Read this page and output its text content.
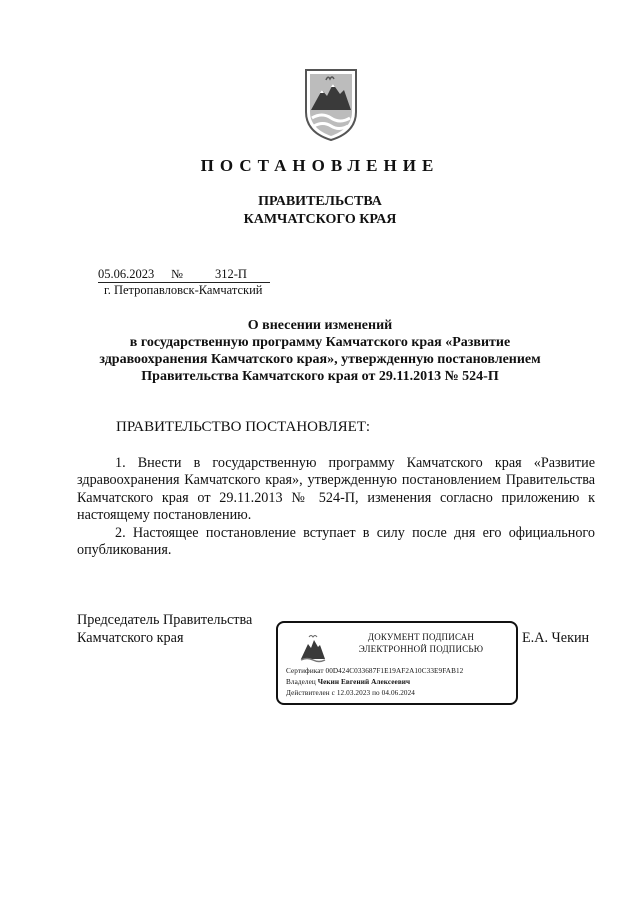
ПОСТАНОВЛЕНИЕ
ПРАВИТЕЛЬСТВА
КАМЧАТСКОГО КРАЯ
05.06.2023	№	312-П
г. Петропавловск-Камчатский
О внесении изменений
в государственную программу Камчатского края «Развитие
здравоохранения Камчатского края», утвержденную постановлением
Правительства Камчатского края от 29.11.2013 № 524-П
ПРАВИТЕЛЬСТВО ПОСТАНОВЛЯЕТ:

1. Внести в государственную программу Камчатского края «Развитие здравоохранения Камчатского края», утвержденную постановлением Правительства Камчатского края от 29.11.2013 № 524-П, изменения согласно приложению к настоящему постановлению.

2. Настоящее постановление вступает в силу после дня его официального опубликования.

Председатель Правительства
Камчатского края	Е.А. Чекин
ДОКУМЕНТ ПОДПИСАН
ЭЛЕКТРОННОЙ ПОДПИСЬЮ
Сертификат 00D424C033687F1E19AF2A10C33E9FAB12
Владелец Чекин Евгений Алексеевич
Действителен с 12.03.2023 по 04.06.2024
